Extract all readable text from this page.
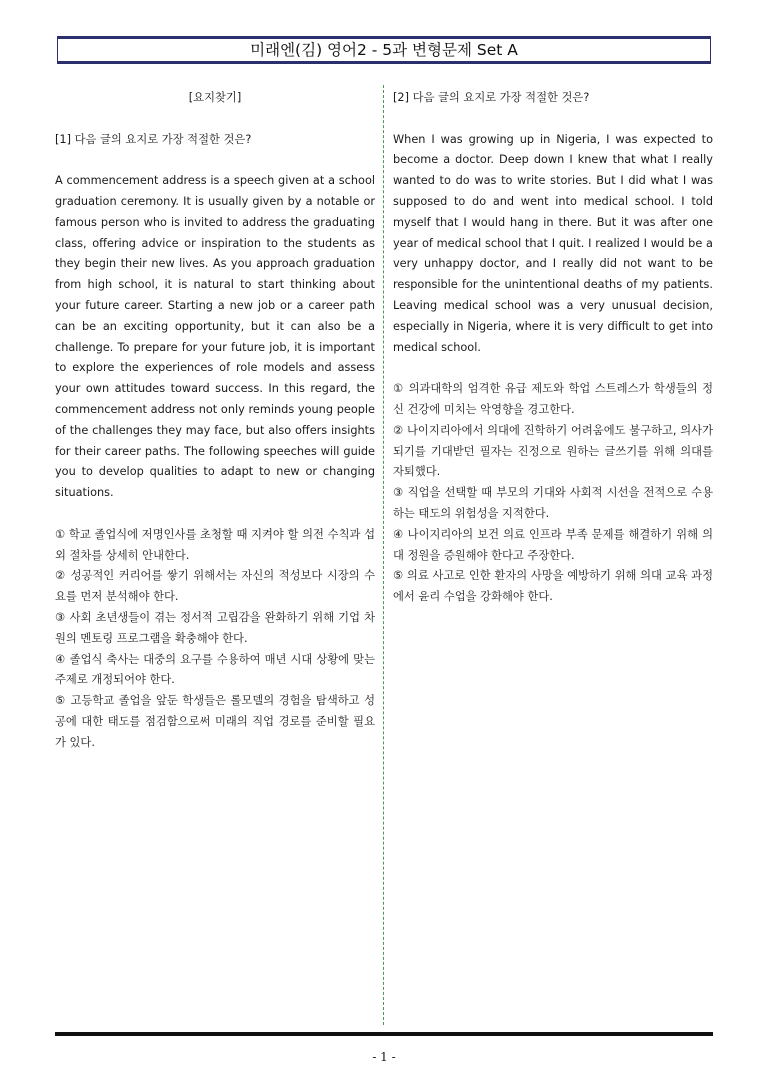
미래엔(김) 영어2 - 5과 변형문제 Set A

[요지찾기]

[1] 다음 글의 요지로 가장 적절한 것은?

A commencement address is a speech given at a school graduation ceremony. It is usually given by a notable or famous person who is invited to address the graduating class, offering advice or inspiration to the students as they begin their new lives. As you approach graduation from high school, it is natural to start thinking about your future career. Starting a new job or a career path can be an exciting opportunity, but it can also be a challenge. To prepare for your future job, it is important to explore the experiences of role models and assess your own attitudes toward success. In this regard, the commencement address not only reminds young people of the challenges they may face, but also offers insights for their career paths. The following speeches will guide you to develop qualities to adapt to new or changing situations.

① 학교 졸업식에 저명인사를 초청할 때 지켜야 할 의전 수칙과 섭외 절차를 상세히 안내한다.

② 성공적인 커리어를 쌓기 위해서는 자신의 적성보다 시장의 수요를 먼저 분석해야 한다.

③ 사회 초년생들이 겪는 정서적 고립감을 완화하기 위해 기업 차원의 멘토링 프로그램을 확충해야 한다.

④ 졸업식 축사는 대중의 요구를 수용하여 매년 시대 상황에 맞는 주제로 개정되어야 한다.

⑤ 고등학교 졸업을 앞둔 학생들은 롤모델의 경험을 탐색하고 성공에 대한 태도를 점검함으로써 미래의 직업 경로를 준비할 필요가 있다.

[2] 다음 글의 요지로 가장 적절한 것은?

When I was growing up in Nigeria, I was expected to become a doctor. Deep down I knew that what I really wanted to do was to write stories. But I did what I was supposed to do and went into medical school. I told myself that I would hang in there. But it was after one year of medical school that I quit. I realized I would be a very unhappy doctor, and I really did not want to be responsible for the unintentional deaths of my patients. Leaving medical school was a very unusual decision, especially in Nigeria, where it is very difficult to get into medical school.

① 의과대학의 엄격한 유급 제도와 학업 스트레스가 학생들의 정신 건강에 미치는 악영향을 경고한다.

② 나이지리아에서 의대에 진학하기 어려움에도 불구하고, 의사가 되기를 기대받던 필자는 진정으로 원하는 글쓰기를 위해 의대를 자퇴했다.

③ 직업을 선택할 때 부모의 기대와 사회적 시선을 전적으로 수용하는 태도의 위험성을 지적한다.

④ 나이지리아의 보건 의료 인프라 부족 문제를 해결하기 위해 의대 정원을 증원해야 한다고 주장한다.

⑤ 의료 사고로 인한 환자의 사망을 예방하기 위해 의대 교육 과정에서 윤리 수업을 강화해야 한다.

- 1 -
